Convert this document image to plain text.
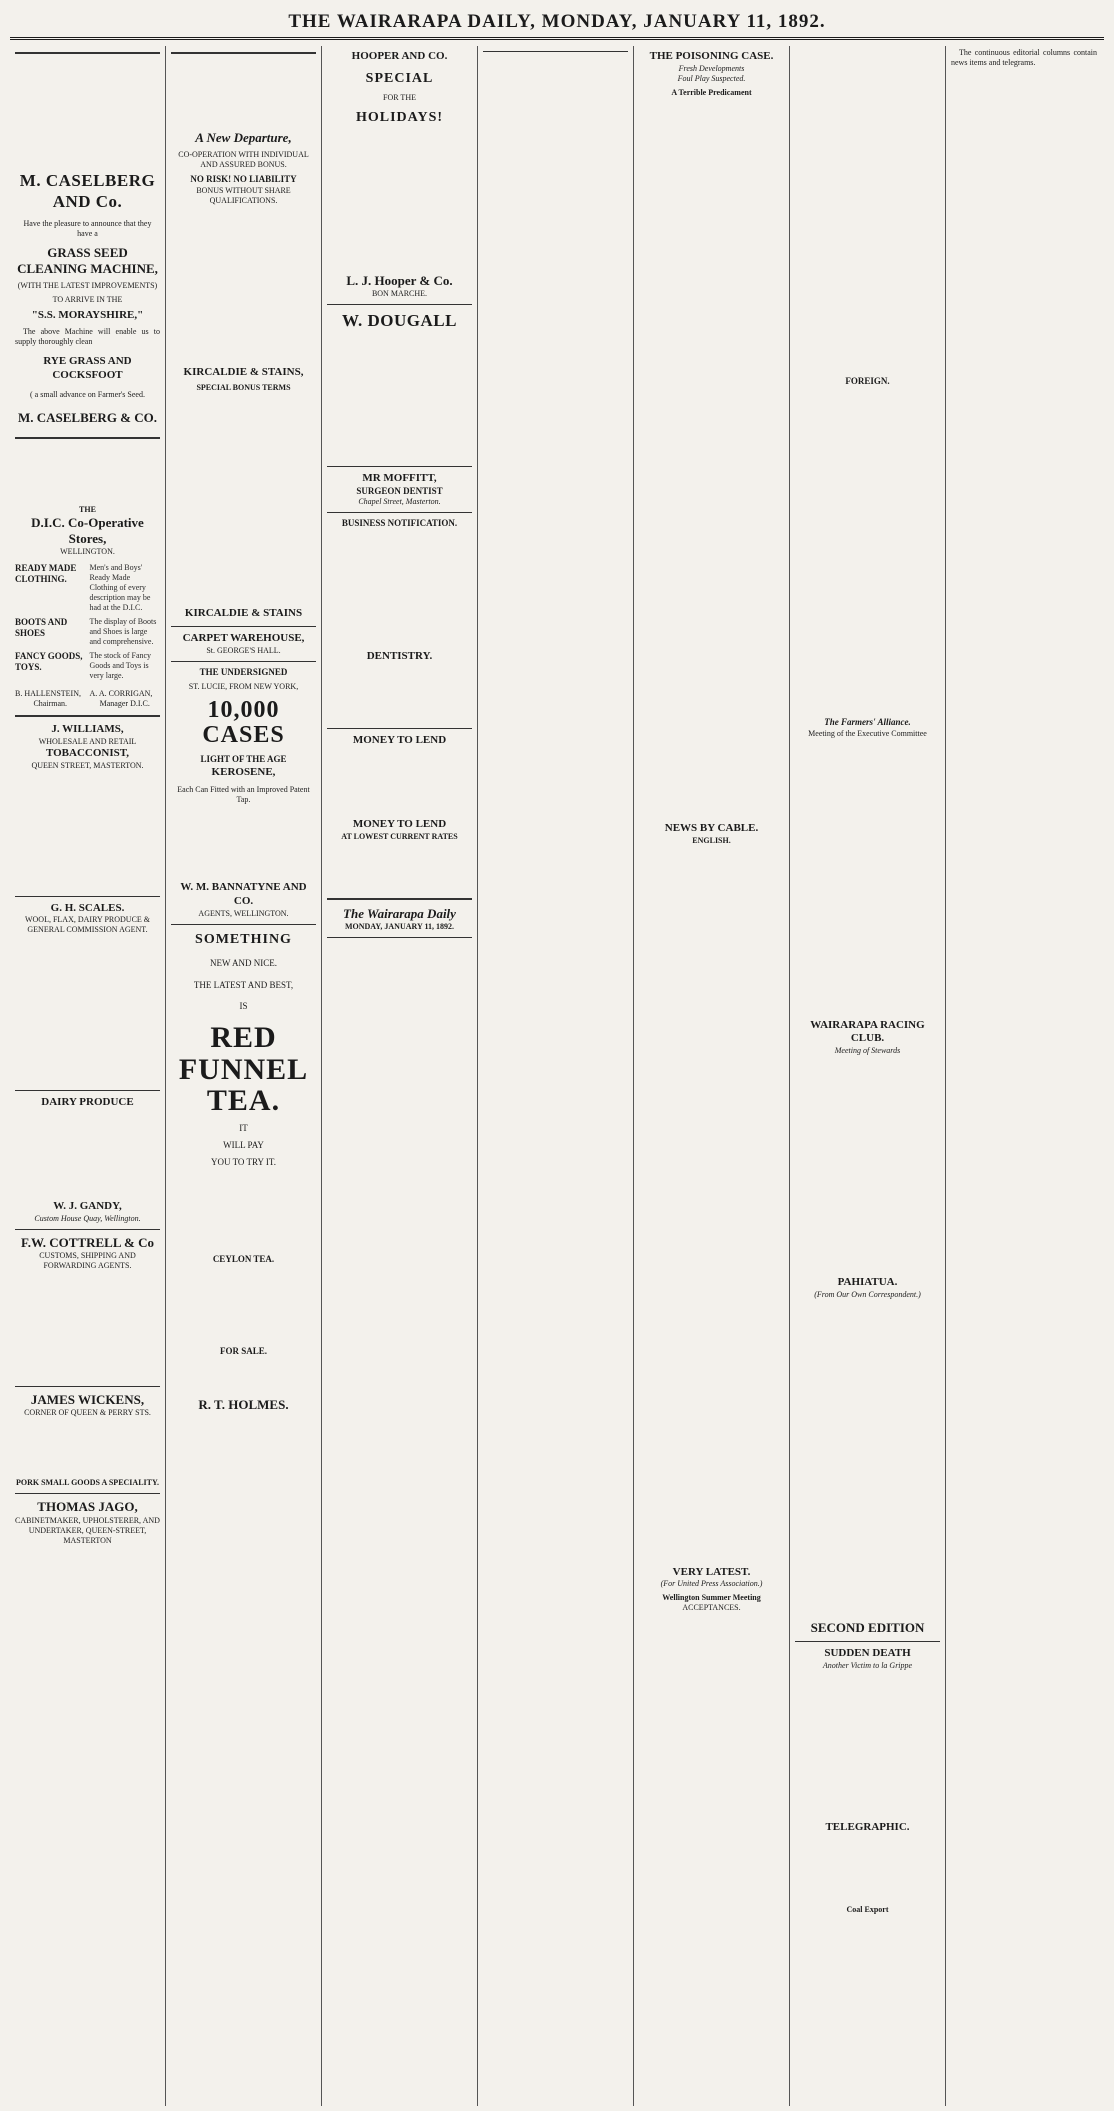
THE WAIRARAPA DAILY, MONDAY, JANUARY 11, 1892.
M. CASELBERG AND Co.
Have the pleasure to announce that they have a
GRASS SEED CLEANING MACHINE,
(WITH THE LATEST IMPROVEMENTS)
TO ARRIVE IN THE
"S.S. MORAYSHIRE,"
The above Machine will enable us to supply thoroughly clean
RYE GRASS AND COCKSFOOT
( a small advance on Farmer's Seed.
M. CASELBERG & CO.
THE
D.I.C. Co-Operative Stores,
WELLINGTON.
READY MADE CLOTHING.
Men's and Boys' Ready Made Clothing of every description may be had at the D.I.C.
BOOTS AND SHOES
The display of Boots and Shoes is large and comprehensive.
FANCY GOODS, TOYS.
The stock of Fancy Goods and Toys is very large.
B. HALLENSTEIN,
Chairman.
A. A. CORRIGAN,
Manager D.I.C.
J. WILLIAMS,
WHOLESALE AND RETAIL
TOBACCONIST,
QUEEN STREET, MASTERTON.
G. H. SCALES.
WOOL, FLAX, DAIRY PRODUCE & GENERAL COMMISSION AGENT.
DAIRY PRODUCE
W. J. GANDY,
Custom House Quay, Wellington.
F.W. COTTRELL & Co
CUSTOMS, SHIPPING AND FORWARDING AGENTS.
JAMES WICKENS,
CORNER OF QUEEN & PERRY STS.
PORK SMALL GOODS A SPECIALITY.
THOMAS JAGO,
CABINETMAKER, UPHOLSTERER, AND UNDERTAKER, QUEEN-STREET, MASTERTON
A New Departure,
CO-OPERATION WITH INDIVIDUAL AND ASSURED BONUS.
NO RISK! NO LIABILITY
BONUS WITHOUT SHARE QUALIFICATIONS.
KIRCALDIE & STAINS,
SPECIAL BONUS TERMS
KIRCALDIE & STAINS
CARPET WAREHOUSE,
St. GEORGE'S HALL.
THE UNDERSIGNED
ST. LUCIE, FROM NEW YORK,
10,000 CASES
LIGHT OF THE AGE
KEROSENE,
Each Can Fitted with an Improved Patent Tap.
W. M. BANNATYNE AND CO.
AGENTS, WELLINGTON.
SOMETHING
NEW AND NICE.
THE LATEST AND BEST,
IS
RED FUNNEL TEA.
IT
WILL PAY
YOU TO TRY IT.
CEYLON TEA.
FOR SALE.
R. T. HOLMES.
HOOPER AND CO.
SPECIAL
FOR THE
HOLIDAYS!
L. J. Hooper & Co.
BON MARCHE.
W. DOUGALL
MR MOFFITT,
SURGEON DENTIST
Chapel Street, Masterton.
BUSINESS NOTIFICATION.
DENTISTRY.
MONEY TO LEND
MONEY TO LEND
AT LOWEST CURRENT RATES
The Wairarapa Daily
MONDAY, JANUARY 11, 1892.
THE POISONING CASE.
Fresh Developments
Foul Play Suspected.
A Terrible Predicament
NEWS BY CABLE.
ENGLISH.
VERY LATEST.
(For United Press Association.)
Wellington Summer Meeting
ACCEPTANCES.
FOREIGN.
The Farmers' Alliance.
Meeting of the Executive Committee
WAIRARAPA RACING CLUB.
Meeting of Stewards
PAHIATUA.
(From Our Own Correspondent.)
SECOND EDITION
SUDDEN DEATH
Another Victim to la Grippe
TELEGRAPHIC.
Coal Export
The continuous editorial columns contain news items and telegrams.
